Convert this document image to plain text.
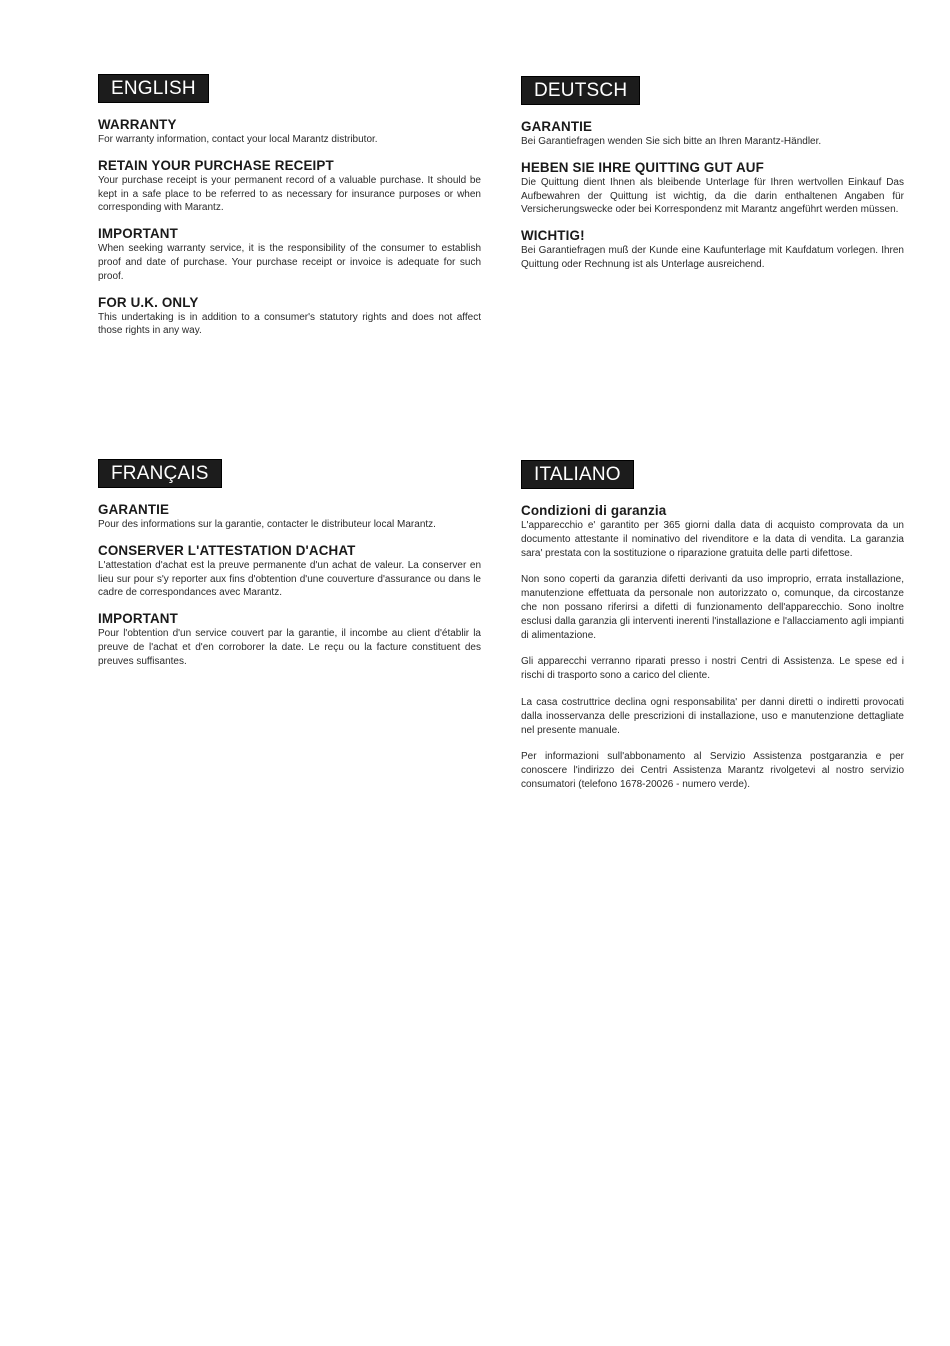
ENGLISH
WARRANTY

For warranty information, contact your local Marantz distributor.

RETAIN YOUR PURCHASE RECEIPT

Your purchase receipt is your permanent record of a valuable purchase. It should be kept in a safe place to be referred to as necessary for insurance purposes or when corresponding with Marantz.

IMPORTANT

When seeking warranty service, it is the responsibility of the consumer to establish proof and date of purchase. Your purchase receipt or invoice is adequate for such proof.

FOR U.K. ONLY

This undertaking is in addition to a consumer's statutory rights and does not affect those rights in any way.

DEUTSCH
GARANTIE

Bei Garantiefragen wenden Sie sich bitte an Ihren Marantz-Händler.

HEBEN SIE IHRE QUITTING GUT AUF

Die Quittung dient Ihnen als bleibende Unterlage für Ihren wertvollen Einkauf Das Aufbewahren der Quittung ist wichtig, da die darin enthaltenen Angaben für Versicherungswecke oder bei Korrespondenz mit Marantz angeführt werden müssen.

WICHTIG!

Bei Garantiefragen muß der Kunde eine Kaufunterlage mit Kaufdatum vorlegen. Ihren Quittung oder Rechnung ist als Unterlage ausreichend.

FRANÇAIS
GARANTIE

Pour des informations sur la garantie, contacter le distributeur local Marantz.

CONSERVER L'ATTESTATION D'ACHAT

L'attestation d'achat est la preuve permanente d'un achat de valeur. La conserver en lieu sur pour s'y reporter aux fins d'obtention d'une couverture d'assurance ou dans le cadre de correspondances avec Marantz.

IMPORTANT

Pour l'obtention d'un service couvert par la garantie, il incombe au client d'établir la preuve de l'achat et d'en corroborer la date. Le reçu ou la facture constituent des preuves suffisantes.

ITALIANO
Condizioni di garanzia

L'apparecchio e' garantito per 365 giorni dalla data di acquisto comprovata da un documento attestante il nominativo del rivenditore e la data di vendita. La garanzia sara' prestata con la sostituzione o riparazione gratuita delle parti difettose.

Non sono coperti da garanzia difetti derivanti da uso improprio, errata installazione, manutenzione effettuata da personale non autorizzato o, comunque, da circostanze che non possano riferirsi a difetti di funzionamento dell'apparecchio. Sono inoltre esclusi dalla garanzia gli interventi inerenti l'installazione e l'allacciamento agli impianti di alimentazione.

Gli apparecchi verranno riparati presso i nostri Centri di Assistenza. Le spese ed i rischi di trasporto sono a carico del cliente.

La casa costruttrice declina ogni responsabilita' per danni diretti o indiretti provocati dalla inosservanza delle prescrizioni di installazione, uso e manutenzione dettagliate nel presente manuale.

Per informazioni sull'abbonamento al Servizio Assistenza postgaranzia e per conoscere l'indirizzo dei Centri Assistenza Marantz rivolgetevi al nostro servizio consumatori (telefono 1678-20026 - numero verde).
